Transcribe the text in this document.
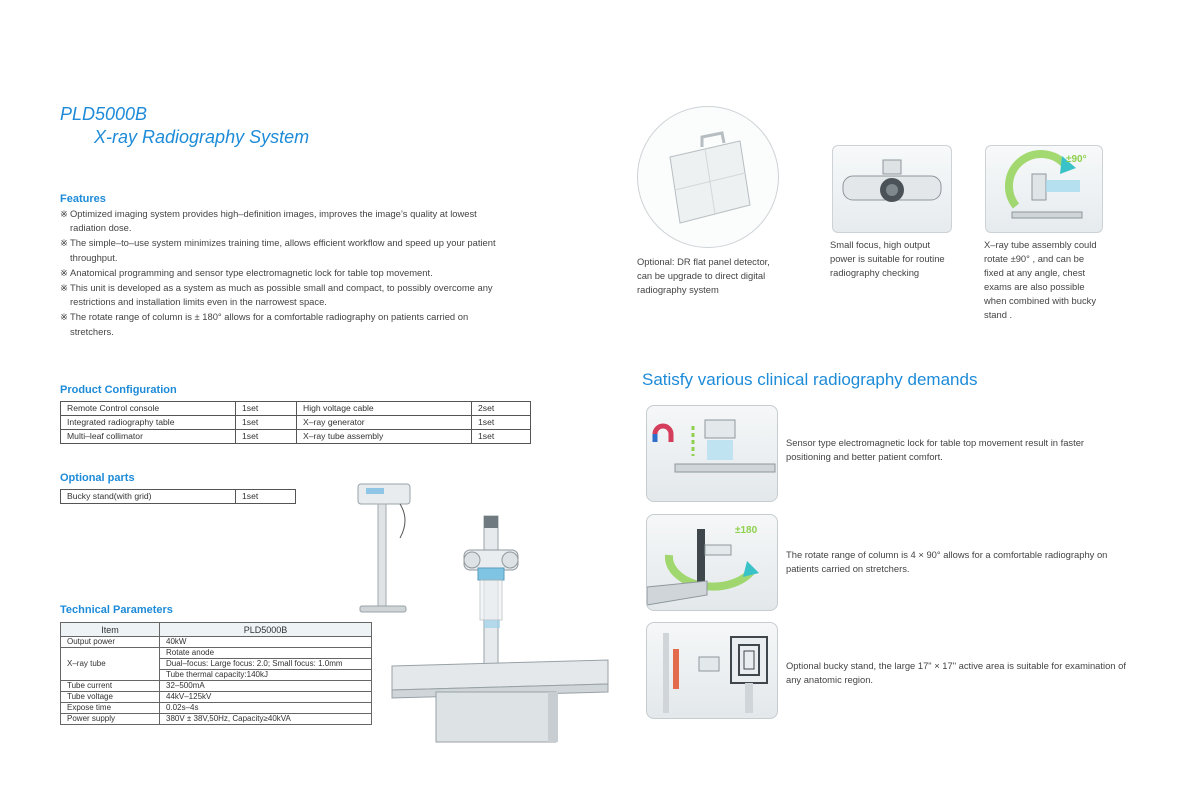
PLD5000B
X-ray Radiography System
Features
※ Optimized imaging system provides high–definition images, improves the image’s quality at lowest radiation dose.
※ The simple–to–use system minimizes training time, allows efficient workflow and speed up your patient throughput.
※ Anatomical programming and sensor type electromagnetic lock for table top movement.
※ This unit is developed as a system as much as possible small and compact, to possibly overcome any restrictions and installation limits even in the narrowest space.
※ The rotate range of column is ± 180° allows for a comfortable radiography on patients carried on stretchers.
Product Configuration
Remote Control console	1set	High voltage cable	2set
Integrated radiography table	1set	X–ray generator	1set
Multi–leaf collimator	1set	X–ray tube assembly	1set
Optional parts
Bucky stand(with grid)	1set
Technical Parameters
Item	PLD5000B
Output power	40kW
X–ray tube	Rotate anode
	Dual–focus: Large focus: 2.0; Small focus: 1.0mm
	Tube thermal capacity:140kJ
Tube current	32–500mA
Tube voltage	44kV–125kV
Expose time	0.02s–4s
Power supply	380V ± 38V,50Hz, Capacity≥40kVA
Optional: DR flat panel detector, can be upgrade to direct digital radiography system
Small focus, high output power is suitable for routine radiography checking
±90°
X–ray tube assembly could rotate ±90° , and can be fixed at any angle, chest exams are also possible when combined with bucky stand .
Satisfy various clinical radiography demands
Sensor type electromagnetic lock for table top movement result in faster positioning and better patient comfort.
±180
The rotate range of column is 4 × 90° allows for a comfortable radiography on patients carried on stretchers.
Optional bucky stand, the large 17" × 17" active area is suitable for examination of any anatomic region.
